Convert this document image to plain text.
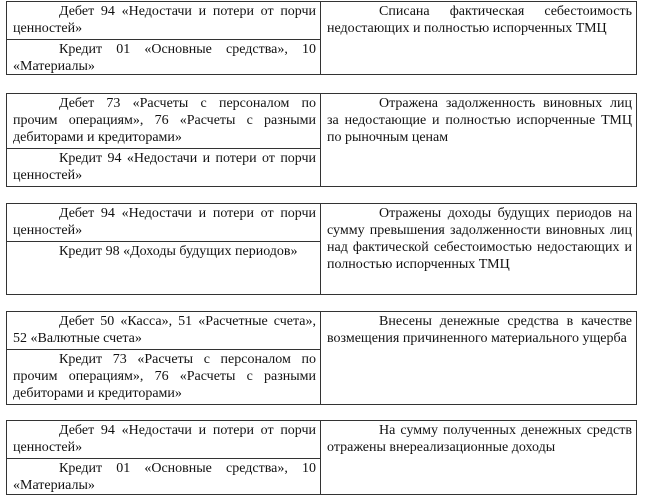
Дебет 94 «Недостачи и потери от порчи ценностей»
Кредит 01 «Основные средства», 10 «Материалы»
Списана фактическая себестоимость недостающих и полностью испорченных ТМЦ
Дебет 73 «Расчеты с персоналом по прочим операциям», 76 «Расчеты с разными дебиторами и кредиторами»
Кредит 94 «Недостачи и потери от порчи ценностей»
Отражена задолженность виновных лиц за недостающие и полностью испорченные ТМЦ по рыночным ценам
Дебет 94 «Недостачи и потери от порчи ценностей»
Кредит 98 «Доходы будущих периодов»
Отражены доходы будущих периодов на сумму превышения задолженности виновных лиц над фактической себестоимостью недостающих и полностью испорченных ТМЦ
Дебет 50 «Касса», 51 «Расчетные счета», 52 «Валютные счета»
Кредит 73 «Расчеты с персоналом по прочим операциям», 76 «Расчеты с разными дебиторами и кредиторами»
Внесены денежные средства в качестве возмещения причиненного материального ущерба
Дебет 94 «Недостачи и потери от порчи ценностей»
Кредит 01 «Основные средства», 10 «Материалы»
На сумму полученных денежных средств отражены внереализационные доходы
